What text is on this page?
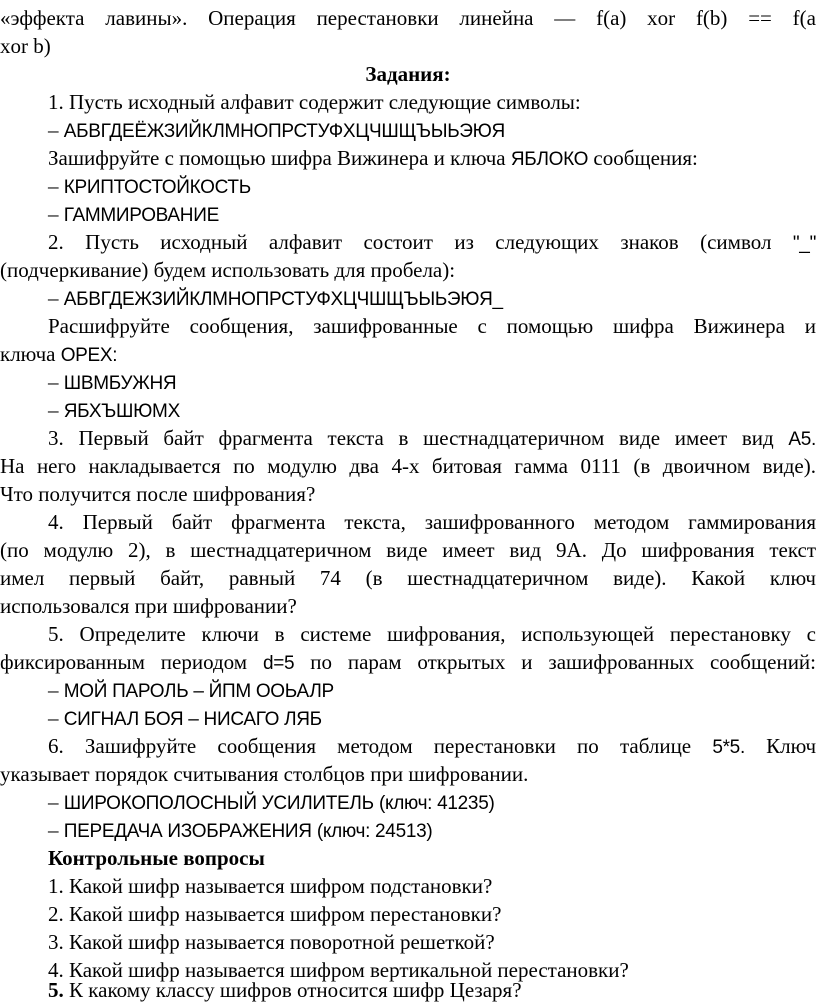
«эффекта лавины». Операция перестановки линейна — f(a) xor f(b) == f(a
xor b)
Задания:
1. Пусть исходный алфавит содержит следующие символы:
– АБВГДЕЁЖЗИЙКЛМНОПРСТУФХЦЧШЩЪЫЬЭЮЯ
Зашифруйте с помощью шифра Вижинера и ключа ЯБЛОКО сообщения:
– КРИПТОСТОЙКОСТЬ
– ГАММИРОВАНИЕ
2. Пусть исходный алфавит состоит из следующих знаков (символ "_"
(подчеркивание) будем использовать для пробела):
– АБВГДЕЖЗИЙКЛМНОПРСТУФХЦЧШЩЪЫЬЭЮЯ_
Расшифруйте сообщения, зашифрованные с помощью шифра Вижинера и
ключа ОРЕХ:
– ШВМБУЖНЯ
– ЯБХЪШЮМХ
3. Первый байт фрагмента текста в шестнадцатеричном виде имеет вид А5.
На него накладывается по модулю два 4-х битовая гамма 0111 (в двоичном виде).
Что получится после шифрования?
4. Первый байт фрагмента текста, зашифрованного методом гаммирования
(по модулю 2), в шестнадцатеричном виде имеет вид 9А. До шифрования текст
имел первый байт, равный 74 (в шестнадцатеричном виде). Какой ключ
использовался при шифровании?
5. Определите ключи в системе шифрования, использующей перестановку с
фиксированным периодом d=5 по парам открытых и зашифрованных сообщений:
– МОЙ ПАРОЛЬ – ЙПМ ООЬАЛР
– СИГНАЛ БОЯ – НИСАГО ЛЯБ
6. Зашифруйте сообщения методом перестановки по таблице 5*5. Ключ
указывает порядок считывания столбцов при шифровании.
– ШИРОКОПОЛОСНЫЙ УСИЛИТЕЛЬ (ключ: 41235)
– ПЕРЕДАЧА ИЗОБРАЖЕНИЯ (ключ: 24513)
Контрольные вопросы
1. Какой шифр называется шифром подстановки?
2. Какой шифр называется шифром перестановки?
3. Какой шифр называется поворотной решеткой?
4. Какой шифр называется шифром вертикальной перестановки?
5. К какому классу шифров относится шифр Цезаря?
